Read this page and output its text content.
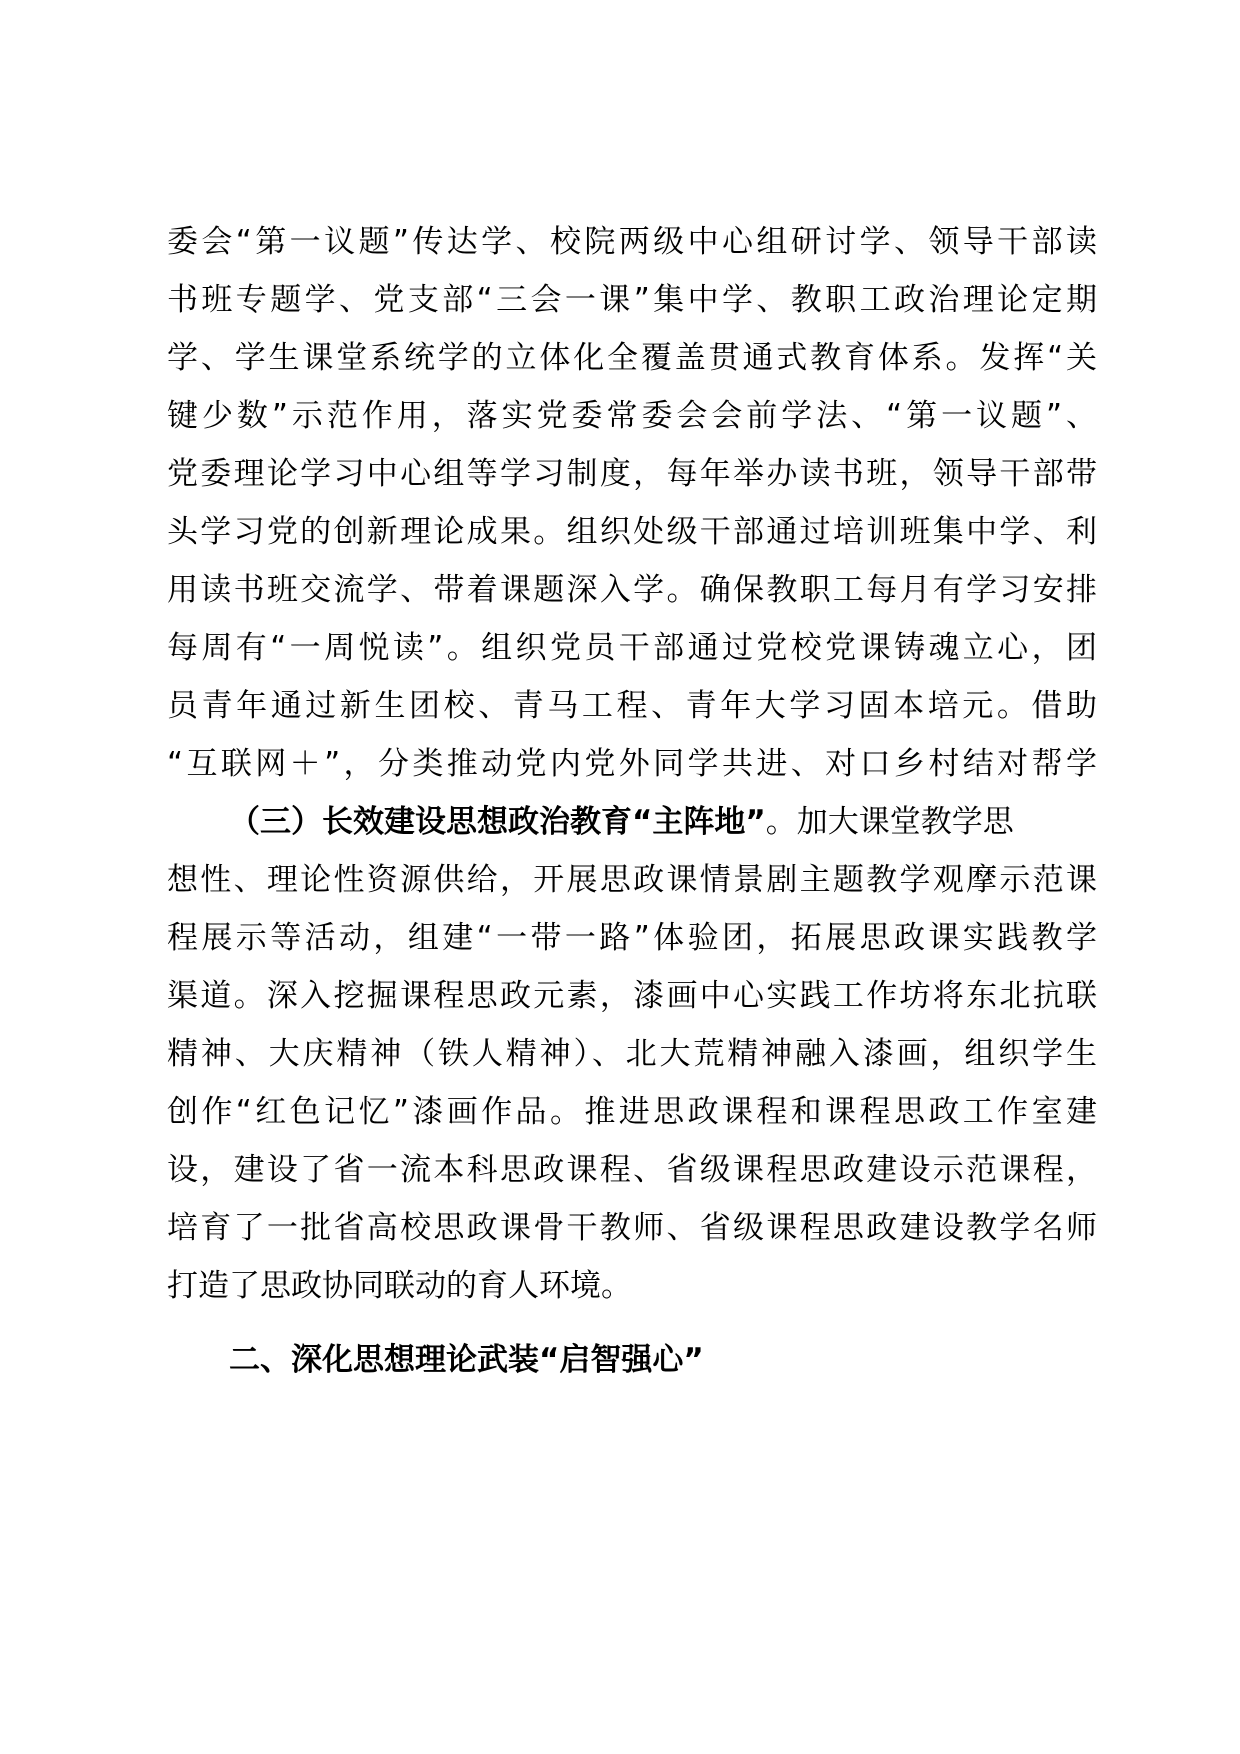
委会“第一议题”传达学、校院两级中心组研讨学、领导干部读
书班专题学、党支部“三会一课”集中学、教职工政治理论定期
学、学生课堂系统学的立体化全覆盖贯通式教育体系。发挥“关
键少数”示范作用，落实党委常委会会前学法、“第一议题”、
党委理论学习中心组等学习制度，每年举办读书班，领导干部带
头学习党的创新理论成果。组织处级干部通过培训班集中学、利
用读书班交流学、带着课题深入学。确保教职工每月有学习安排
每周有“一周悦读”。组织党员干部通过党校党课铸魂立心，团
员青年通过新生团校、青马工程、青年大学习固本培元。借助
“互联网＋”，分类推动党内党外同学共进、对口乡村结对帮学
（三）长效建设思想政治教育“主阵地”。加大课堂教学思
想性、理论性资源供给，开展思政课情景剧主题教学观摩示范课
程展示等活动，组建“一带一路”体验团，拓展思政课实践教学
渠道。深入挖掘课程思政元素，漆画中心实践工作坊将东北抗联
精神、大庆精神（铁人精神）、北大荒精神融入漆画，组织学生
创作“红色记忆”漆画作品。推进思政课程和课程思政工作室建
设，建设了省一流本科思政课程、省级课程思政建设示范课程，
培育了一批省高校思政课骨干教师、省级课程思政建设教学名师
打造了思政协同联动的育人环境。
二、深化思想理论武装“启智强心”
